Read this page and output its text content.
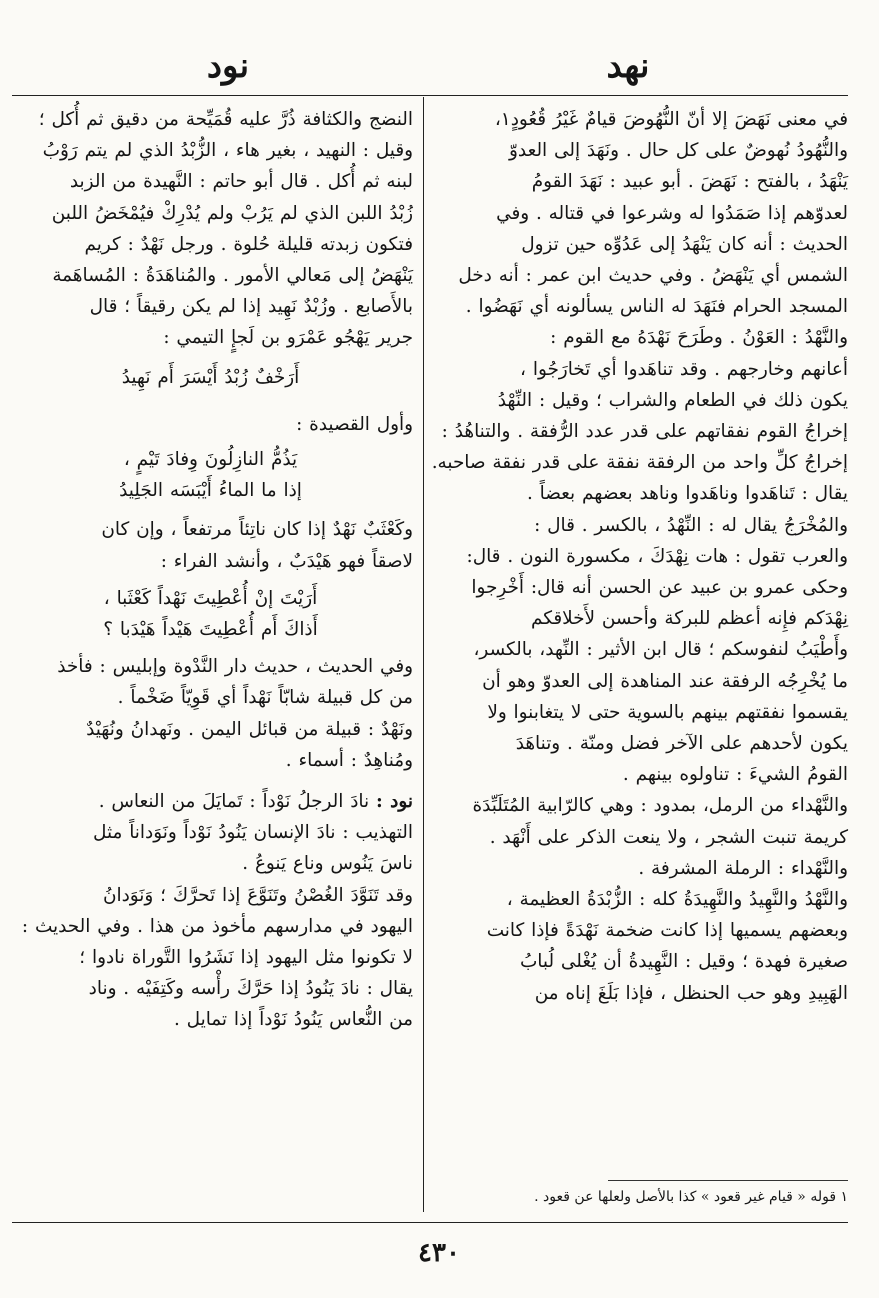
نهد
نود

في معنى نَهَضَ إلا أنّ النُّهُوضَ قيامٌ غَيْرُ قُعُودٍ١،

والنُّهُودُ نُهوضٌ على كل حال . ونَهَدَ إلى العدوّ

يَنْهَدُ ، بالفتح : نَهَضَ . أبو عبيد : نَهَدَ القومُ

لعدوّهم إذا صَمَدُوا له وشرعوا في قتاله . وفي

الحديث : أنه كان يَنْهَدُ إلى عَدُوِّه حين تزول

الشمس أي يَنْهَضُ . وفي حديث ابن عمر : أنه دخل

المسجد الحرام فنَهَدَ له الناس يسألونه أي نَهَضُوا .

والنَّهْدُ : العَوْنُ . وطَرَحَ نَهْدَهُ مع القوم :

أعانهم وخارجهم . وقد تناهَدوا أي تَخارَجُوا ،

يكون ذلك في الطعام والشراب ؛ وقيل : النِّهْدُ

إخراجُ القوم نفقاتهم على قدر عدد الرُّفقة . والتناهُدُ :

إخراجُ كلِّ واحد من الرفقة نفقة على قدر نفقة صاحبه.

يقال : تَناهَدوا وناهَدوا وناهد بعضهم بعضاً .

والمُخْرَجُ يقال له : النِّهْدُ ، بالكسر . قال :

والعرب تقول : هات نِهْدَكَ ، مكسورة النون . قال:

وحكى عمرو بن عبيد عن الحسن أنه قال: أَخْرِجوا

نِهْدَكم فإِنه أعظم للبركة وأحسن لأَخلاقكم

وأَطْيَبُ لنفوسكم ؛ قال ابن الأثير : النِّهد، بالكسر،

ما يُخْرِجُه الرفقة عند المناهدة إلى العدوّ وهو أن

يقسموا نفقتهم بينهم بالسوية حتى لا يتغابنوا ولا

يكون لأحدهم على الآخر فضل ومنّة . وتناهَدَ

القومُ الشيءَ : تناولوه بينهم .

والنَّهْداء من الرمل، بمدود : وهي كالرّابية المُتَلَبِّدَة

كريمة تنبت الشجر ، ولا ينعت الذكر على أَنْهَد .

والنَّهْداء : الرملة المشرفة .

والنَّهْدُ والنَّهِيدُ والنَّهِيدَةُ كله : الزُّبْدَةُ العظيمة ،

وبعضهم يسميها إذا كانت ضخمة نَهْدَةً فإذا كانت

صغيرة فهدة ؛ وقيل : النَّهِيدةُ أن يُغْلى لُبابُ

الهَبِيدِ وهو حب الحنظل ، فإذا بَلَغَ إناه من

النضج والكثافة ذُرَّ عليه قُمَيِّحة من دقيق ثم أُكل ؛

وقيل : النهيد ، بغير هاء ، الزُّبْدُ الذي لم يتم رَوْبُ

لبنه ثم أُكل . قال أبو حاتم : النَّهيدة من الزبد

زُبْدُ اللبن الذي لم يَرُبْ ولم يُدْرِكْ فيُمْخَضُ اللبن

فتكون زبدته قليلة حُلوة . ورجل نَهْدٌ : كريم

يَنْهَضُ إلى مَعالي الأمور . والمُناهَدَةُ : المُساهَمة

بالأَصابع . وزُبْدٌ نَهِيد إذا لم يكن رقيقاً ؛ قال

جرير يَهْجُو عَمْرَو بن لَجإٍ التيمي :

أَرَخْفٌ زُبْدُ أَيْسَرَ أَم نَهِيدُ

وأول القصيدة :

يَذُمُّ النازِلُونَ وِفادَ تَيْمٍ ،

إذا ما الماءُ أَيْبَسَه الجَلِيدُ

وكَعْثَبٌ نَهْدٌ إذا كان ناتِئاً مرتفعاً ، وإن كان

لاصقاً فهو هَيْدَبٌ ، وأنشد الفراء :

أَرَيْتَ إنْ أُعْطِيتَ نَهْداً كَعْثَبا ،

أَذاكَ أَم أُعْطِيتَ هَيْداً هَيْدَبا ؟

وفي الحديث ، حديث دار النَّدْوة وإبليس : فأخذ

من كل قبيلة شابّاً نَهْداً أي قَوِيّاً ضَخْماً .

ونَهْدٌ : قبيلة من قبائل اليمن . ونَهدانُ ونُهَيْدٌ

ومُناهِدٌ : أسماء .

نود : نادَ الرجلُ نَوْداً : تَمايَلَ من النعاس .

التهذيب : نادَ الإنسان يَنُودُ نَوْداً ونَوَداناً مثل

ناسَ يَنُوس وناع يَنوعُ .

وقد تَنَوَّدَ الغُصْنُ وتَنَوَّعَ إذا تَحرَّكَ ؛ وَنَوَدانُ

اليهود في مدارسهم مأخوذ من هذا . وفي الحديث :

لا تكونوا مثل اليهود إذا نَشَرُوا التَّوراة نادوا ؛

يقال : نادَ يَنُودُ إذا حَرَّكَ رأْسه وكَتِفَيْه . وناد

من النُّعاس يَنُودُ نَوْداً إذا تمايل .

١ قوله « قيام غير قعود » كذا بالأصل ولعلها عن قعود .
٤٣٠
